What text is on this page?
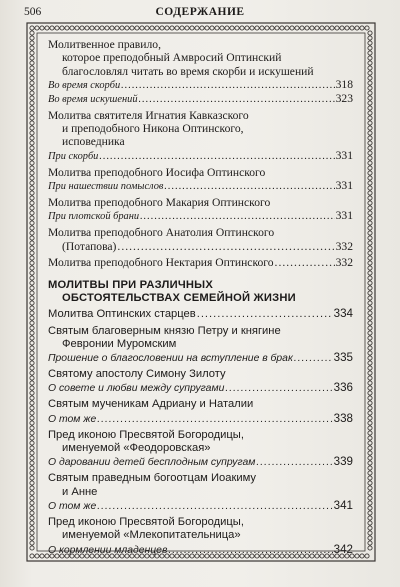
506	СОДЕРЖАНИЕ
Молитвенное правило,
которое преподобный Амвросий Оптинский
благословлял читать во время скорби и искушений
Во время скорби .....	318
Во время искушений .....	323
Молитва святителя Игнатия Кавказского
и преподобного Никона Оптинского,
исповедника
При скорби .....	331
Молитва преподобного Иосифа Оптинского
При нашествии помыслов .....	331
Молитва преподобного Макария Оптинского
При плотской брани .....	331
Молитва преподобного Анатолия Оптинского
(Потапова) .....	332
Молитва преподобного Нектария Оптинского .....	332
МОЛИТВЫ ПРИ РАЗЛИЧНЫХ
ОБСТОЯТЕЛЬСТВАХ СЕМЕЙНОЙ ЖИЗНИ
Молитва Оптинских старцев .....	334
Святым благоверным князю Петру и княгине
Февронии Муромским
Прошение о благословении на вступление в брак .....	335
Святому апостолу Симону Зилоту
О совете и любви между супругами .....	336
Святым мученикам Адриану и Наталии
О том же .....	338
Пред иконою Пресвятой Богородицы,
именуемой «Феодоровская»
О даровании детей бесплодным супругам .....	339
Святым праведным богоотцам Иоакиму
и Анне
О том же .....	341
Пред иконою Пресвятой Богородицы,
именуемой «Млекопитательница»
О кормлении младенцев .....	342
